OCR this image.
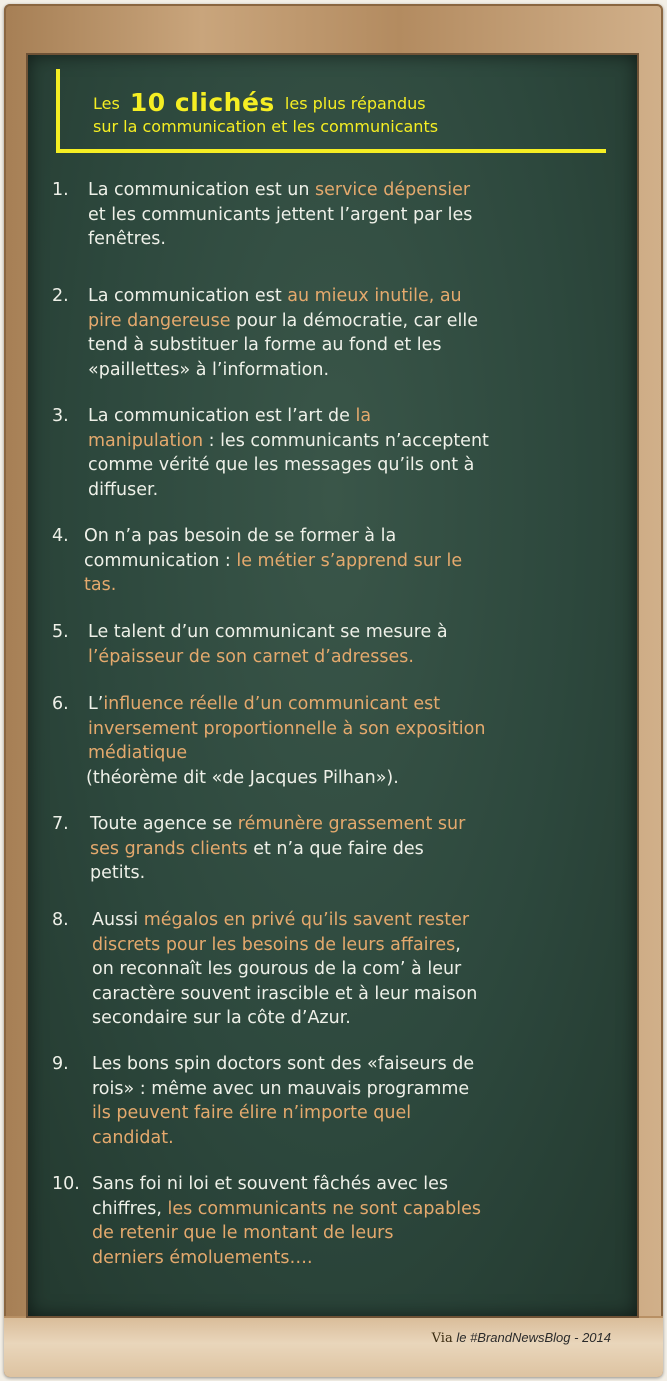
Les 10 clichés les plus répandus
sur la communication et les communicants
1. La communication est un service dépensier
et les communicants jettent l’argent par les
fenêtres.
2. La communication est au mieux inutile, au
pire dangereuse pour la démocratie, car elle
tend à substituer la forme au fond et les
«paillettes» à l’information.
3. La communication est l’art de la
manipulation : les communicants n’acceptent
comme vérité que les messages qu’ils ont à
diffuser.
4. On n’a pas besoin de se former à la
communication : le métier s’apprend sur le
tas.
5. Le talent d’un communicant se mesure à
l’épaisseur de son carnet d’adresses.
6. L’influence réelle d’un communicant est
inversement proportionnelle à son exposition
médiatique
(théorème dit «de Jacques Pilhan»).
7. Toute agence se rémunère grassement sur
ses grands clients et n’a que faire des
petits.
8. Aussi mégalos en privé qu’ils savent rester
discrets pour les besoins de leurs affaires,
on reconnaît les gourous de la com’ à leur
caractère souvent irascible et à leur maison
secondaire sur la côte d’Azur.
9. Les bons spin doctors sont des «faiseurs de
rois» : même avec un mauvais programme
ils peuvent faire élire n’importe quel
candidat.
10. Sans foi ni loi et souvent fâchés avec les
chiffres, les communicants ne sont capables
de retenir que le montant de leurs
derniers émoluements….
Via le #BrandNewsBlog - 2014
